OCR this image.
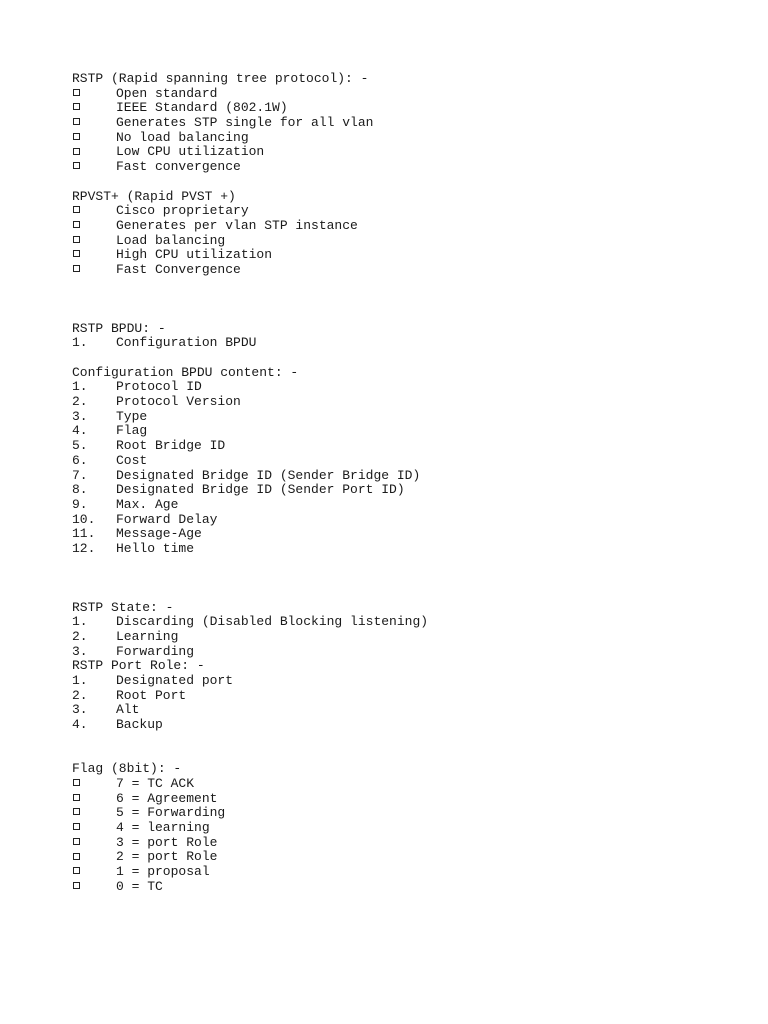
RSTP (Rapid spanning tree protocol): -
Open standard
IEEE Standard (802.1W)
Generates STP single for all vlan
No load balancing
Low CPU utilization
Fast convergence
RPVST+ (Rapid PVST +)
Cisco proprietary
Generates per vlan STP instance
Load balancing
High CPU utilization
Fast Convergence
RSTP BPDU: -
1. Configuration BPDU
Configuration BPDU content: -
1. Protocol ID
2. Protocol Version
3. Type
4. Flag
5. Root Bridge ID
6. Cost
7. Designated Bridge ID (Sender Bridge ID)
8. Designated Bridge ID (Sender Port ID)
9. Max. Age
10. Forward Delay
11. Message-Age
12. Hello time
RSTP State: -
1. Discarding (Disabled Blocking listening)
2. Learning
3. Forwarding
RSTP Port Role: -
1. Designated port
2. Root Port
3. Alt
4. Backup
Flag (8bit): -
7 = TC ACK
6 = Agreement
5 = Forwarding
4 = learning
3 = port Role
2 = port Role
1 = proposal
0 = TC
